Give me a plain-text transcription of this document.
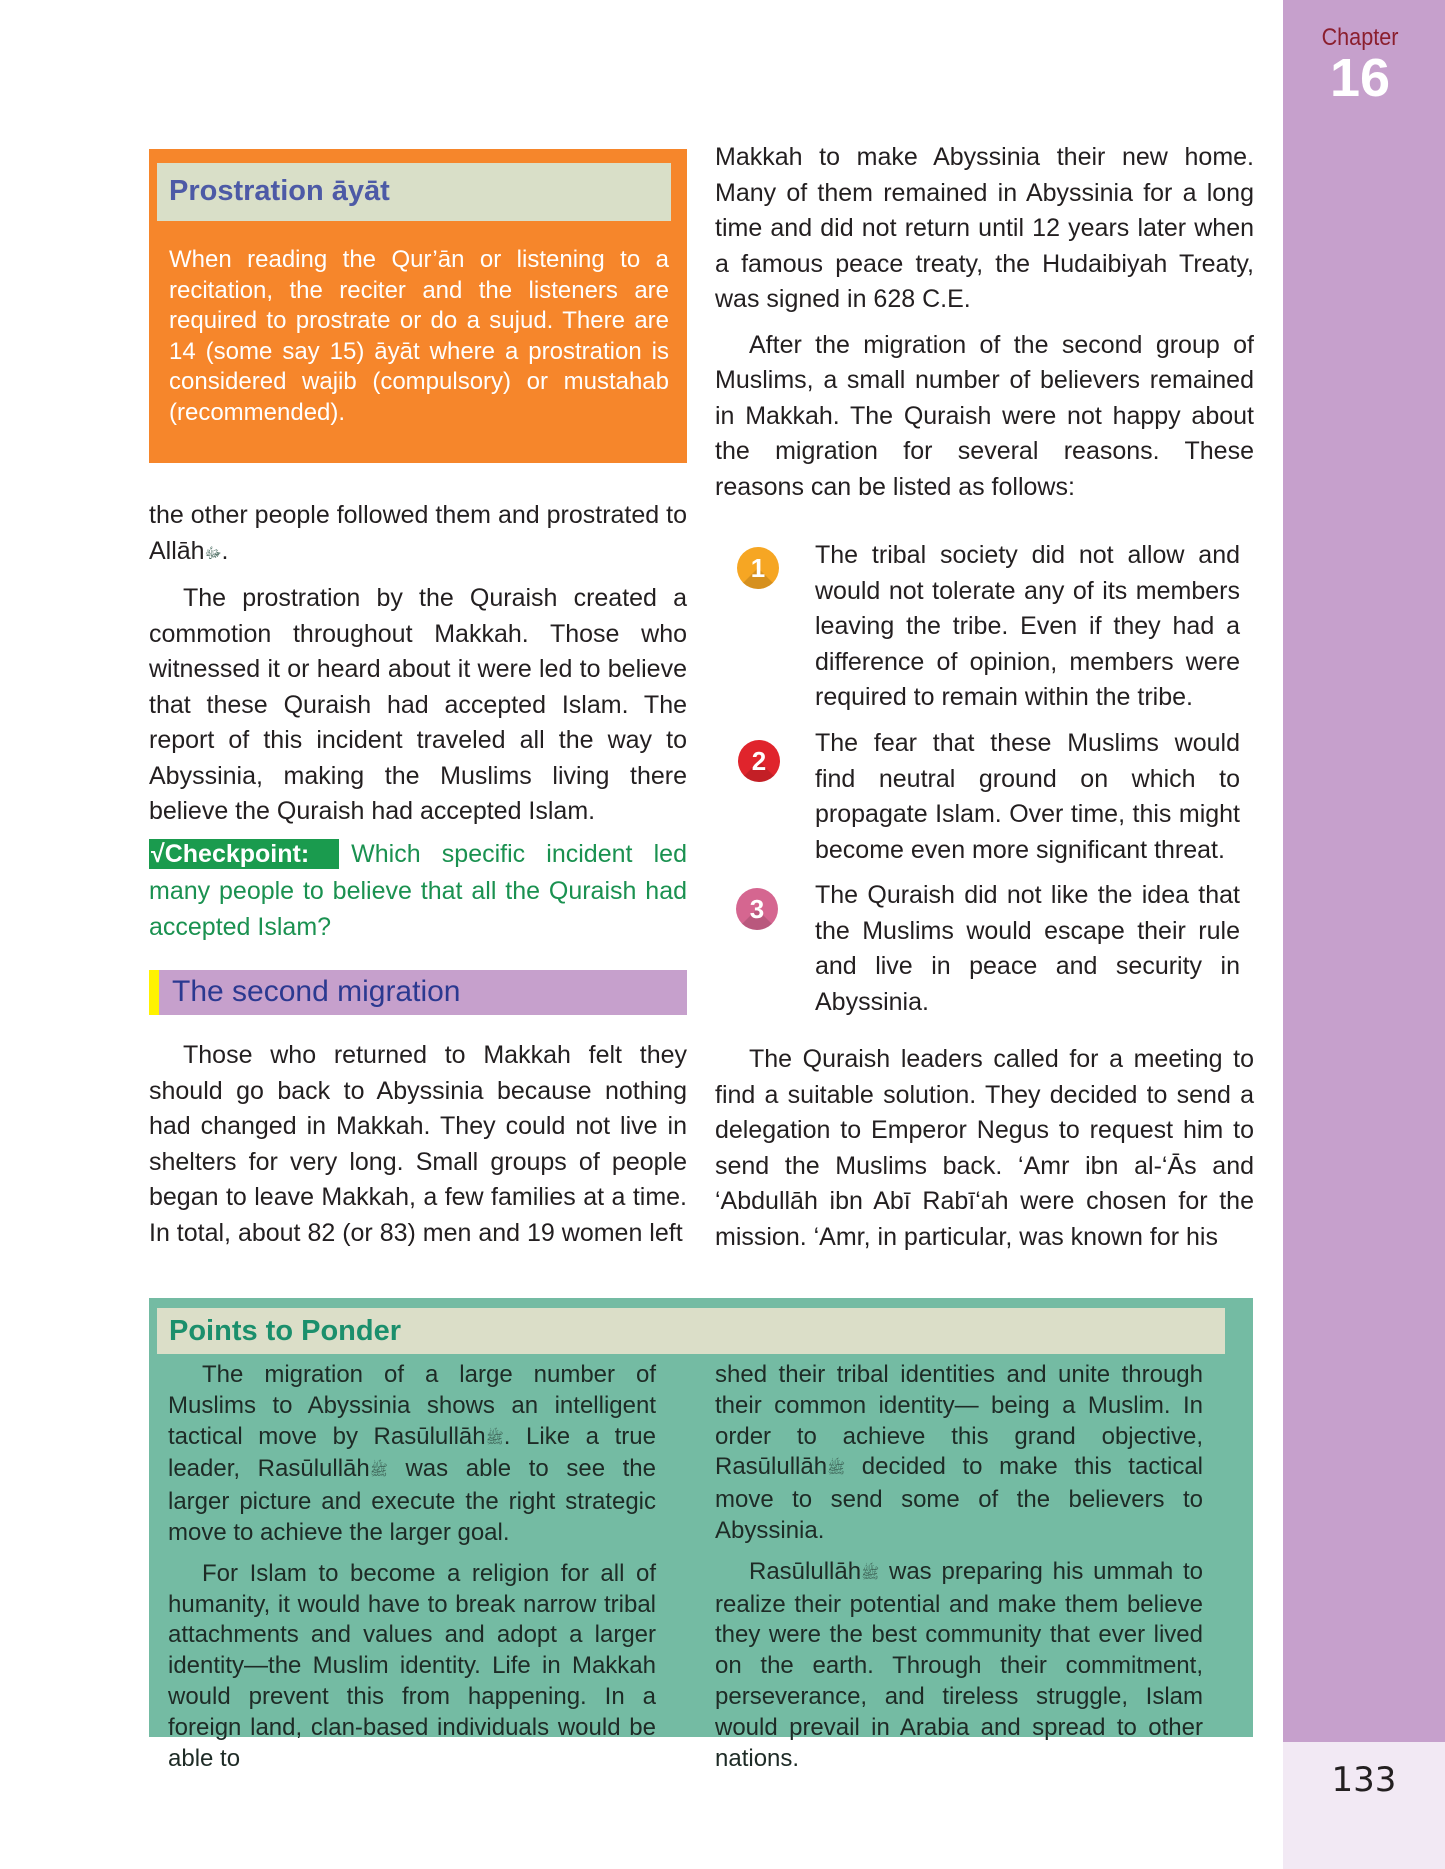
Chapter
16
133
Prostration āyāt
When reading the Qur’ān or listening to a recitation, the reciter and the listeners are required to prostrate or do a sujud. There are 14 (some say 15) āyāt where a prostration is considered wajib (compulsory) or mustahab (recommended).

the other people followed them and prostrated to Allāhﷻ.

The prostration by the Quraish created a commotion throughout Makkah. Those who witnessed it or heard about it were led to believe that these Quraish had accepted Islam. The report of this incident traveled all the way to Abyssinia, making the Muslims living there believe the Quraish had accepted Islam.

√Checkpoint: Which specific incident led many people to believe that all the Quraish had accepted Islam?
The second migration
Those who returned to Makkah felt they should go back to Abyssinia because nothing had changed in Makkah. They could not live in shelters for very long. Small groups of people began to leave Makkah, a few families at a time. In total, about 82 (or 83) men and 19 women left

Makkah to make Abyssinia their new home. Many of them remained in Abyssinia for a long time and did not return until 12 years later when a famous peace treaty, the Hudaibiyah Treaty, was signed in 628 C.E.

After the migration of the second group of Muslims, a small number of believers remained in Makkah. The Quraish were not happy about the migration for several reasons. These reasons can be listed as follows:

1	The tribal society did not allow and would not tolerate any of its members leaving the tribe. Even if they had a difference of opinion, members were required to remain within the tribe.
2
The fear that these Muslims would find neutral ground on which to propagate Islam. Over time, this might become even more significant threat.
3	The Quraish did not like the idea that the Muslims would escape their rule and live in peace and security in Abyssinia.
The Quraish leaders called for a meeting to find a suitable solution. They decided to send a delegation to Emperor Negus to request him to send the Muslims back. ‘Amr ibn al-‘Ās and ‘Abdullāh ibn Abī Rabī‘ah were chosen for the mission. ‘Amr, in particular, was known for his
Points to Ponder

The migration of a large number of Muslims to Abyssinia shows an intelligent tactical move by Rasūlullāhﷺ. Like a true leader, Rasūlullāhﷺ was able to see the larger picture and execute the right strategic move to achieve the larger goal.

For Islam to become a religion for all of humanity, it would have to break narrow tribal attachments and values and adopt a larger identity—the Muslim identity. Life in Makkah would prevent this from happening. In a foreign land, clan-based individuals would be able to

shed their tribal identities and unite through their common identity— being a Muslim. In order to achieve this grand objective, Rasūlullāhﷺ decided to make this tactical move to send some of the believers to Abyssinia.

Rasūlullāhﷺ was preparing his ummah to realize their potential and make them believe they were the best community that ever lived on the earth. Through their commitment, perseverance, and tireless struggle, Islam would prevail in Arabia and spread to other nations.
